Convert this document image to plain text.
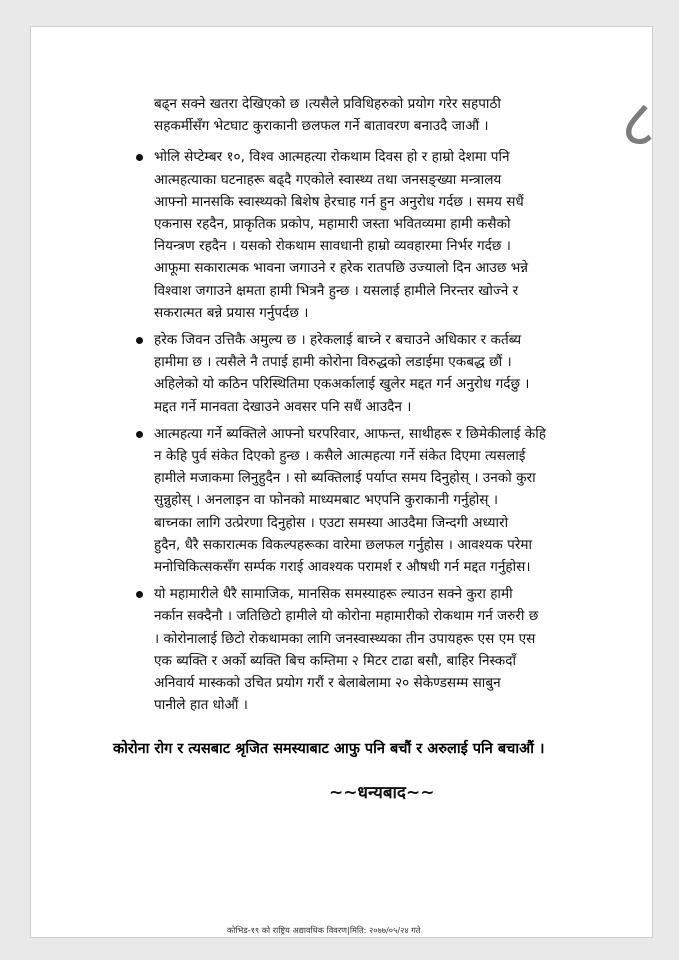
८

बढ्न सक्ने खतरा देखिएको छ ।त्यसैले प्रविधिहरुको प्रयोग गरेर सहपाठी
सहकर्मीसँग भेटघाट कुराकानी छलफल गर्ने बातावरण बनाउदै जाऔं ।

भोलि सेप्टेम्बर १०, विश्व आत्महत्या रोकथाम दिवस हो र हाम्रो देशमा पनि
आत्महत्याका घटनाहरू बढ्दै गएकोले स्वास्थ्य तथा जनसङ्ख्या मन्त्रालय
आफ्नो मानसकि स्वास्थ्यको बिशेष हेरचाह गर्न हुन अनुरोध गर्दछ । समय सधैं
एकनास रहदैन, प्राकृतिक प्रकोप, महामारी जस्ता भवितव्यमा हामी कसैको
नियन्त्रण रहदैन । यसको रोकथाम सावधानी हाम्रो व्यवहारमा निर्भर गर्दछ ।
आफूमा सकारात्मक भावना जगाउने र हरेक रातपछि उज्यालो दिन आउछ भन्ने
विश्वाश जगाउने क्षमता हामी भित्रनै हुन्छ । यसलाई हामीले निरन्तर खोज्ने र
सकरात्मत बन्ने प्रयास गर्नुपर्दछ ।
हरेक जिवन उत्तिकै अमुल्य छ । हरेकलाई बाच्ने र बचाउने अधिकार र कर्तब्य
हामीमा छ । त्यसैले नै तपाई हामी कोरोना विरुद्धको लडाईमा एकबद्ध छौं ।
अहिलेको यो कठिन परिस्थितिमा एकअर्कालाई खुलेर मद्दत गर्न अनुरोध गर्दछु ।
मद्दत गर्ने मानवता देखाउने अवसर पनि सधैं आउदैन ।
आत्महत्या गर्ने ब्यक्तिले आफ्नो घरपरिवार, आफन्त, साथीहरू र छिमेकीलाई केहि
न केहि पुर्व संकेत दिएको हुन्छ । कसैले आत्महत्या गर्ने संकेत दिएमा त्यसलाई
हामीले मजाकमा लिनुहुदैन । सो ब्यक्तिलाई पर्याप्त समय दिनुहोस् । उनको कुरा
सुन्नुहोस् । अनलाइन वा फोनको माध्यमबाट भएपनि कुराकानी गर्नुहोस् ।
बाच्नका लागि उत्प्रेरणा दिनुहोस । एउटा समस्या आउदैमा जिन्दगी अध्यारो
हुदैन, धैरै सकारात्मक विकल्पहरूका वारेमा छलफल गर्नुहोस । आवश्यक परेमा
मनोचिकित्सकसँग सर्म्पक गराई आवश्यक परामर्श र औषधी गर्न मद्दत गर्नुहोस।
यो महामारीले धैरै सामाजिक, मानसिक समस्याहरू ल्याउन सक्ने कुरा हामी
नर्कान सक्दैनौ । जतिछिटो हामीले यो कोरोना महामारीको रोकथाम गर्न जरुरी छ
। कोरोनालाई छिटो रोकथामका लागि जनस्वास्थ्यका तीन उपायहरू एस एम एस
एक ब्यक्ति र अर्को ब्यक्ति बिच कम्तिमा २ मिटर टाढा बसौ, बाहिर निस्कदाँ
अनिवार्य मास्कको उचित प्रयोग गरौं र बेलाबेलामा २० सेकेण्डसम्म साबुन
पानीले हात धोऔं ।
कोरोना रोग र त्यसबाट श्रृजित समस्याबाट आफु पनि बचौं र अरुलाई पनि बचाऔं ।
~~धन्यबाद~~
कोभिड-१९ को राष्ट्रिय अद्यावधिक विवरण|मिति: २०७७/०५/२४ गते
